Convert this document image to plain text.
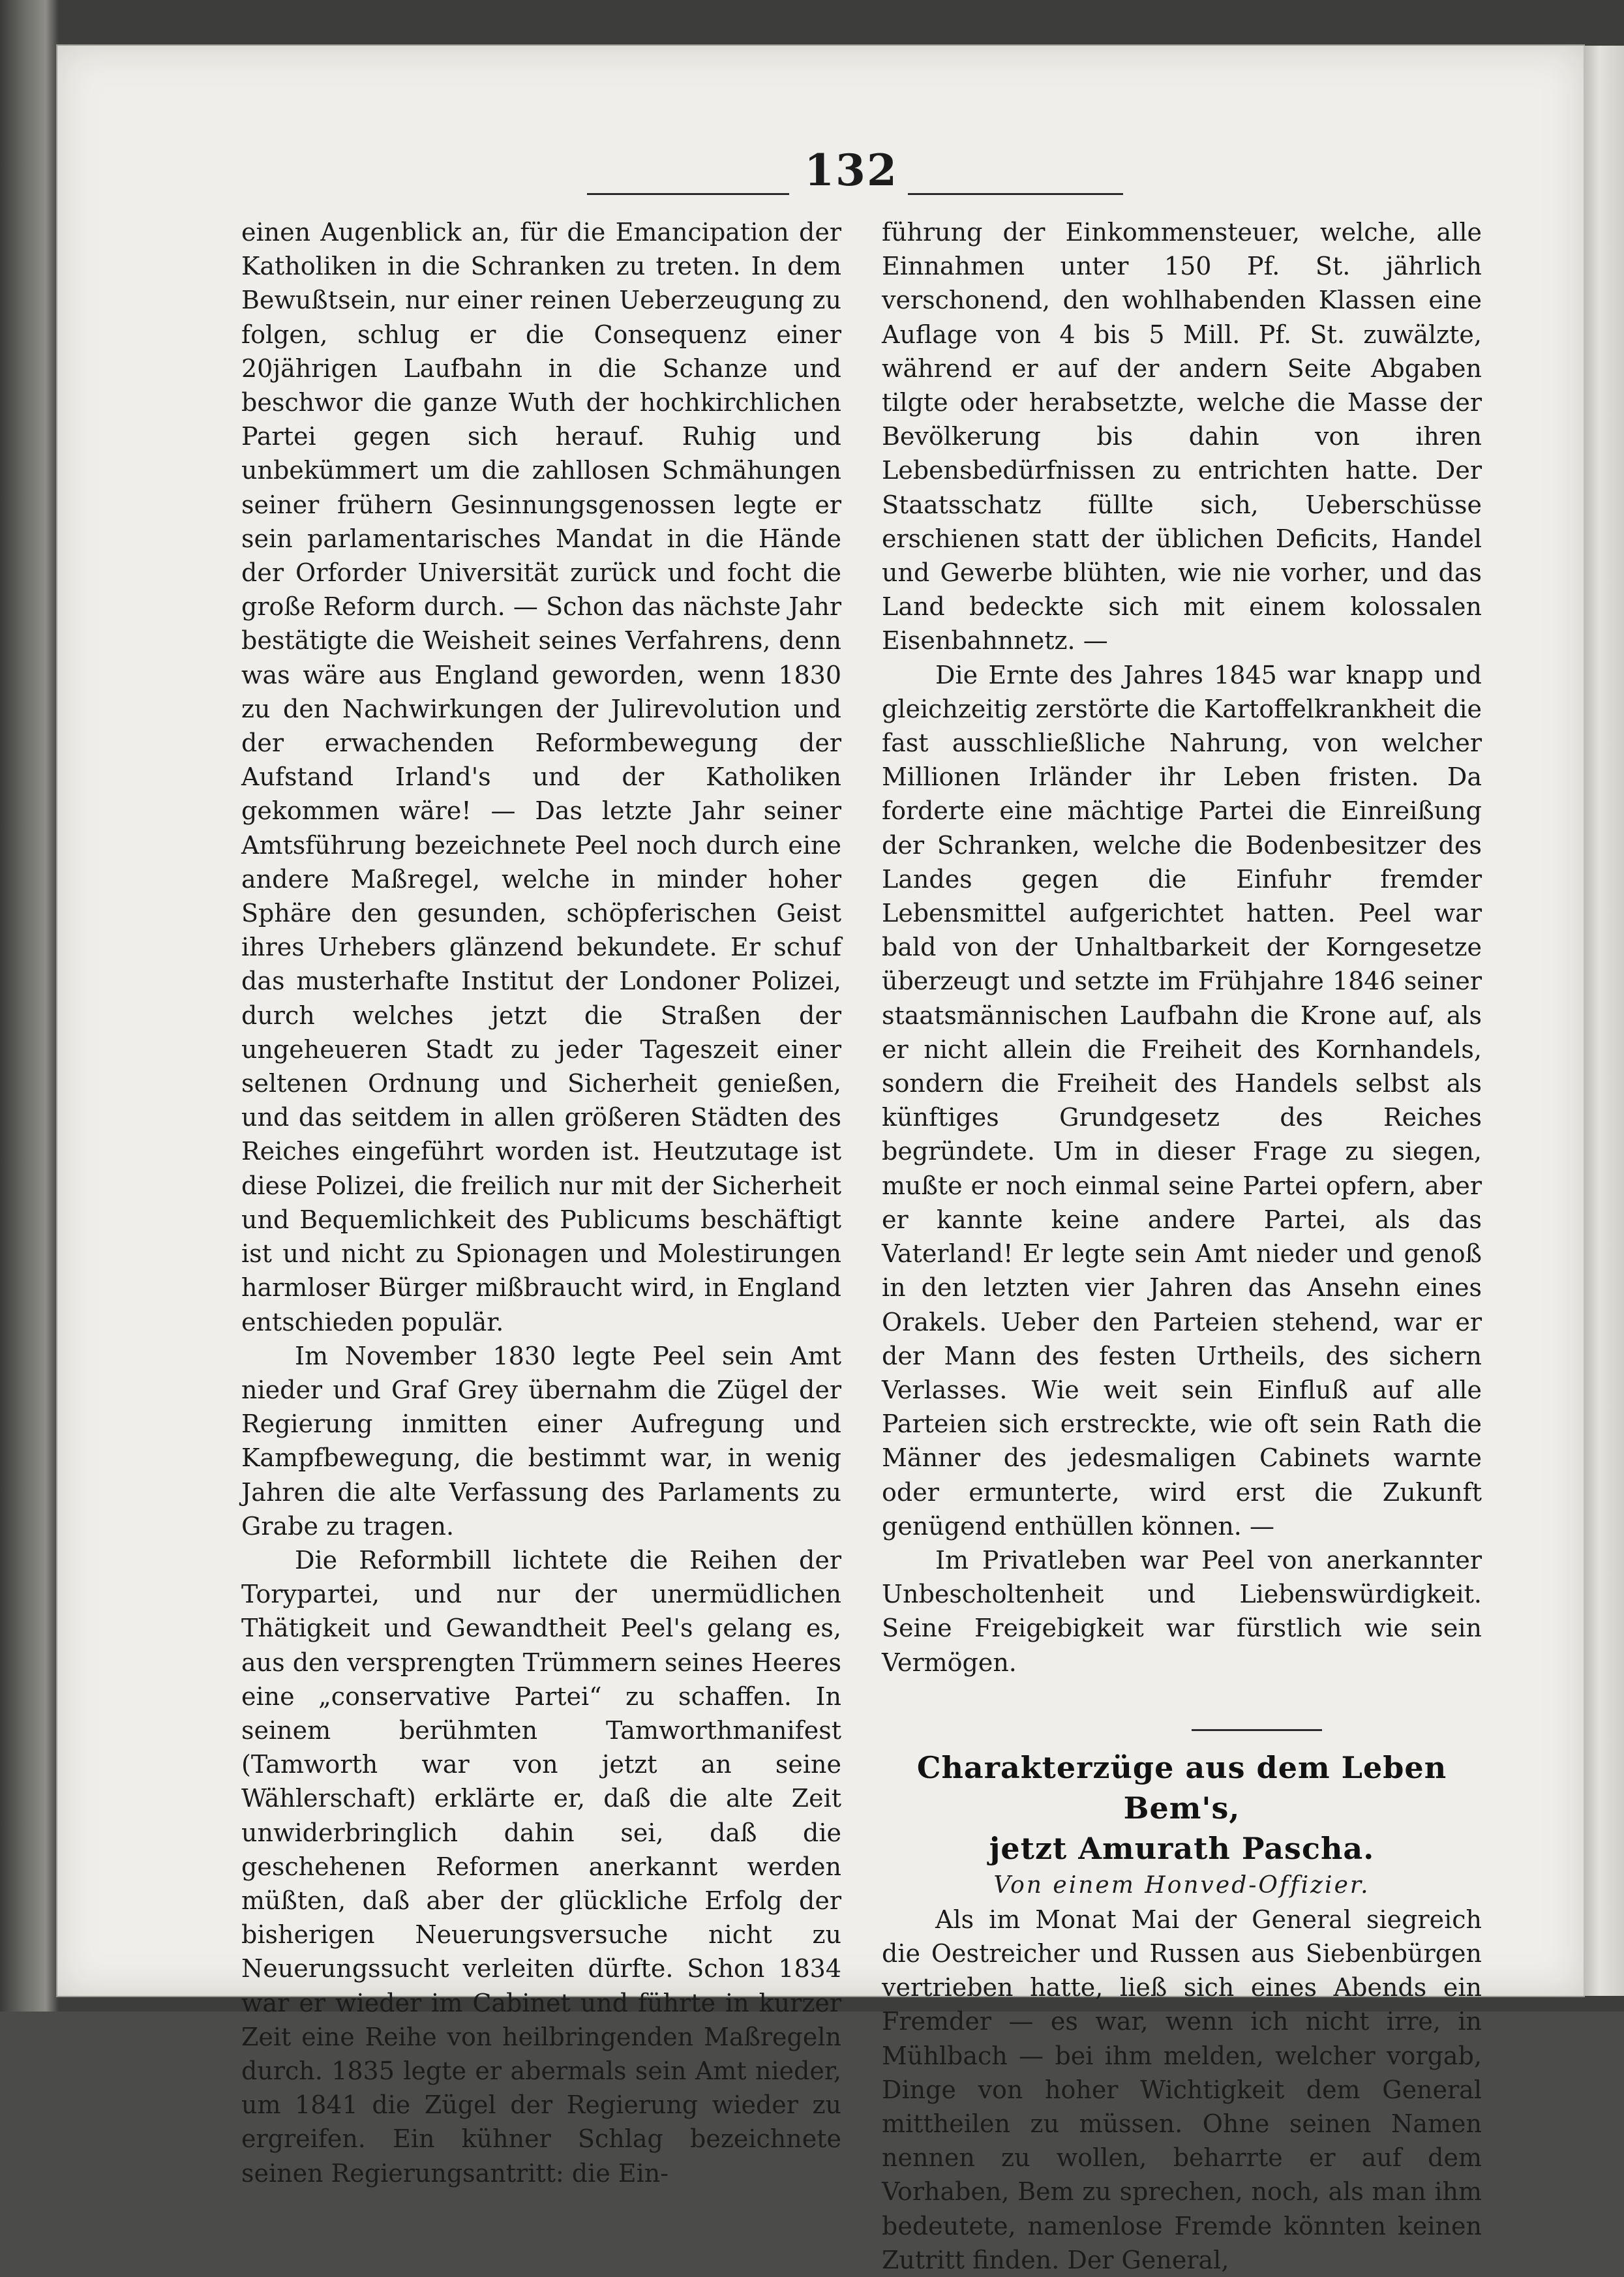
132

einen Augenblick an, für die Emancipation der Katholiken in die Schranken zu treten. In dem Bewußtsein, nur einer reinen Ueberzeugung zu folgen, schlug er die Consequenz einer 20jährigen Laufbahn in die Schanze und beschwor die ganze Wuth der hochkirchlichen Partei gegen sich herauf. Ruhig und unbekümmert um die zahllosen Schmähungen seiner frühern Gesinnungsgenossen legte er sein parlamentarisches Mandat in die Hände der Orforder Universität zurück und focht die große Reform durch. — Schon das nächste Jahr bestätigte die Weisheit seines Verfahrens, denn was wäre aus England geworden, wenn 1830 zu den Nachwirkungen der Julirevolution und der erwachenden Reformbewegung der Aufstand Irland's und der Katholiken gekommen wäre! — Das letzte Jahr seiner Amtsführung bezeichnete Peel noch durch eine andere Maßregel, welche in minder hoher Sphäre den gesunden, schöpferischen Geist ihres Urhebers glänzend bekundete. Er schuf das musterhafte Institut der Londoner Polizei, durch welches jetzt die Straßen der ungeheueren Stadt zu jeder Tageszeit einer seltenen Ordnung und Sicherheit genießen, und das seitdem in allen größeren Städten des Reiches eingeführt worden ist. Heutzutage ist diese Polizei, die freilich nur mit der Sicherheit und Bequemlichkeit des Publicums beschäftigt ist und nicht zu Spionagen und Molestirungen harmloser Bürger mißbraucht wird, in England entschieden populär.

Im November 1830 legte Peel sein Amt nieder und Graf Grey übernahm die Zügel der Regierung inmitten einer Aufregung und Kampfbewegung, die bestimmt war, in wenig Jahren die alte Verfassung des Parlaments zu Grabe zu tragen.

Die Reformbill lichtete die Reihen der Torypartei, und nur der unermüdlichen Thätigkeit und Gewandtheit Peel's gelang es, aus den versprengten Trümmern seines Heeres eine „conservative Partei“ zu schaffen. In seinem berühmten Tamworthmanifest (Tamworth war von jetzt an seine Wählerschaft) erklärte er, daß die alte Zeit unwiderbringlich dahin sei, daß die geschehenen Reformen anerkannt werden müßten, daß aber der glückliche Erfolg der bisherigen Neuerungsversuche nicht zu Neuerungssucht verleiten dürfte. Schon 1834 war er wieder im Cabinet und führte in kurzer Zeit eine Reihe von heilbringenden Maßregeln durch. 1835 legte er abermals sein Amt nieder, um 1841 die Zügel der Regierung wieder zu ergreifen. Ein kühner Schlag bezeichnete seinen Regierungsantritt: die Ein-

führung der Einkommensteuer, welche, alle Einnahmen unter 150 Pf. St. jährlich verschonend, den wohlhabenden Klassen eine Auflage von 4 bis 5 Mill. Pf. St. zuwälzte, während er auf der andern Seite Abgaben tilgte oder herabsetzte, welche die Masse der Bevölkerung bis dahin von ihren Lebensbedürfnissen zu entrichten hatte. Der Staatsschatz füllte sich, Ueberschüsse erschienen statt der üblichen Deficits, Handel und Gewerbe blühten, wie nie vorher, und das Land bedeckte sich mit einem kolossalen Eisenbahnnetz. —

Die Ernte des Jahres 1845 war knapp und gleichzeitig zerstörte die Kartoffelkrankheit die fast ausschließliche Nahrung, von welcher Millionen Irländer ihr Leben fristen. Da forderte eine mächtige Partei die Einreißung der Schranken, welche die Bodenbesitzer des Landes gegen die Einfuhr fremder Lebensmittel aufgerichtet hatten. Peel war bald von der Unhaltbarkeit der Korngesetze überzeugt und setzte im Frühjahre 1846 seiner staatsmännischen Laufbahn die Krone auf, als er nicht allein die Freiheit des Kornhandels, sondern die Freiheit des Handels selbst als künftiges Grundgesetz des Reiches begründete. Um in dieser Frage zu siegen, mußte er noch einmal seine Partei opfern, aber er kannte keine andere Partei, als das Vaterland! Er legte sein Amt nieder und genoß in den letzten vier Jahren das Ansehn eines Orakels. Ueber den Parteien stehend, war er der Mann des festen Urtheils, des sichern Verlasses. Wie weit sein Einfluß auf alle Parteien sich erstreckte, wie oft sein Rath die Männer des jedesmaligen Cabinets warnte oder ermunterte, wird erst die Zukunft genügend enthüllen können. —

Im Privatleben war Peel von anerkannter Unbescholtenheit und Liebenswürdigkeit. Seine Freigebigkeit war fürstlich wie sein Vermögen.

Charakterzüge aus dem Leben Bem's,

jetzt Amurath Pascha.

Von einem Honved-Offizier.

Als im Monat Mai der General siegreich die Oestreicher und Russen aus Siebenbürgen vertrieben hatte, ließ sich eines Abends ein Fremder — es war, wenn ich nicht irre, in Mühlbach — bei ihm melden, welcher vorgab, Dinge von hoher Wichtigkeit dem General mittheilen zu müssen. Ohne seinen Namen nennen zu wollen, beharrte er auf dem Vorhaben, Bem zu sprechen, noch, als man ihm bedeutete, namenlose Fremde könnten keinen Zutritt finden. Der General,
